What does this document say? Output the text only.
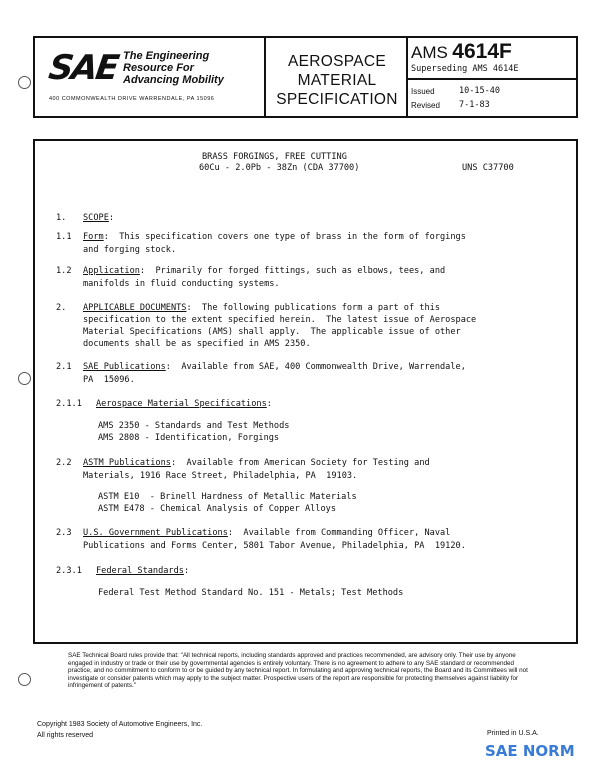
SAE The Engineering
Resource For
Advancing Mobility
400 COMMONWEALTH DRIVE WARRENDALE, PA 15096
AEROSPACE
MATERIAL
SPECIFICATION
AMS 4614F
Superseding AMS 4614E
Issued	10-15-40
Revised 7-1-83
BRASS FORGINGS, FREE CUTTING
60Cu - 2.0Pb - 38Zn (CDA 37700)	UNS C37700
1. SCOPE:
1.1 Form:  This specification covers one type of brass in the form of forgings
and forging stock.
1.2 Application:  Primarily for forged fittings, such as elbows, tees, and
manifolds in fluid conducting systems.
2. APPLICABLE DOCUMENTS:  The following publications form a part of this
specification to the extent specified herein.  The latest issue of Aerospace
Material Specifications (AMS) shall apply.  The applicable issue of other
documents shall be as specified in AMS 2350.
2.1 SAE Publications:  Available from SAE, 400 Commonwealth Drive, Warrendale,
PA  15096.
2.1.1 Aerospace Material Specifications:
AMS 2350 - Standards and Test Methods
AMS 2808 - Identification, Forgings
2.2 ASTM Publications:  Available from American Society for Testing and
Materials, 1916 Race Street, Philadelphia, PA  19103.
ASTM E10  - Brinell Hardness of Metallic Materials
ASTM E478 - Chemical Analysis of Copper Alloys
2.3 U.S. Government Publications:  Available from Commanding Officer, Naval
Publications and Forms Center, 5801 Tabor Avenue, Philadelphia, PA  19120.
2.3.1 Federal Standards:
Federal Test Method Standard No. 151 - Metals; Test Methods
SAE Technical Board rules provide that: "All technical reports, including standards approved and practices recommended, are advisory only. Their use by anyone engaged in industry or trade or their use by governmental agencies is entirely voluntary. There is no agreement to adhere to any SAE standard or recommended practice, and no commitment to conform to or be guided by any technical report. In formulating and approving technical reports, the Board and its Committees will not investigate or consider patents which may apply to the subject matter. Prospective users of the report are responsible for protecting themselves against liability for infringement of patents."
Copyright 1983 Society of Automotive Engineers, Inc.
All rights reserved	Printed in U.S.A.
SAE NORM
